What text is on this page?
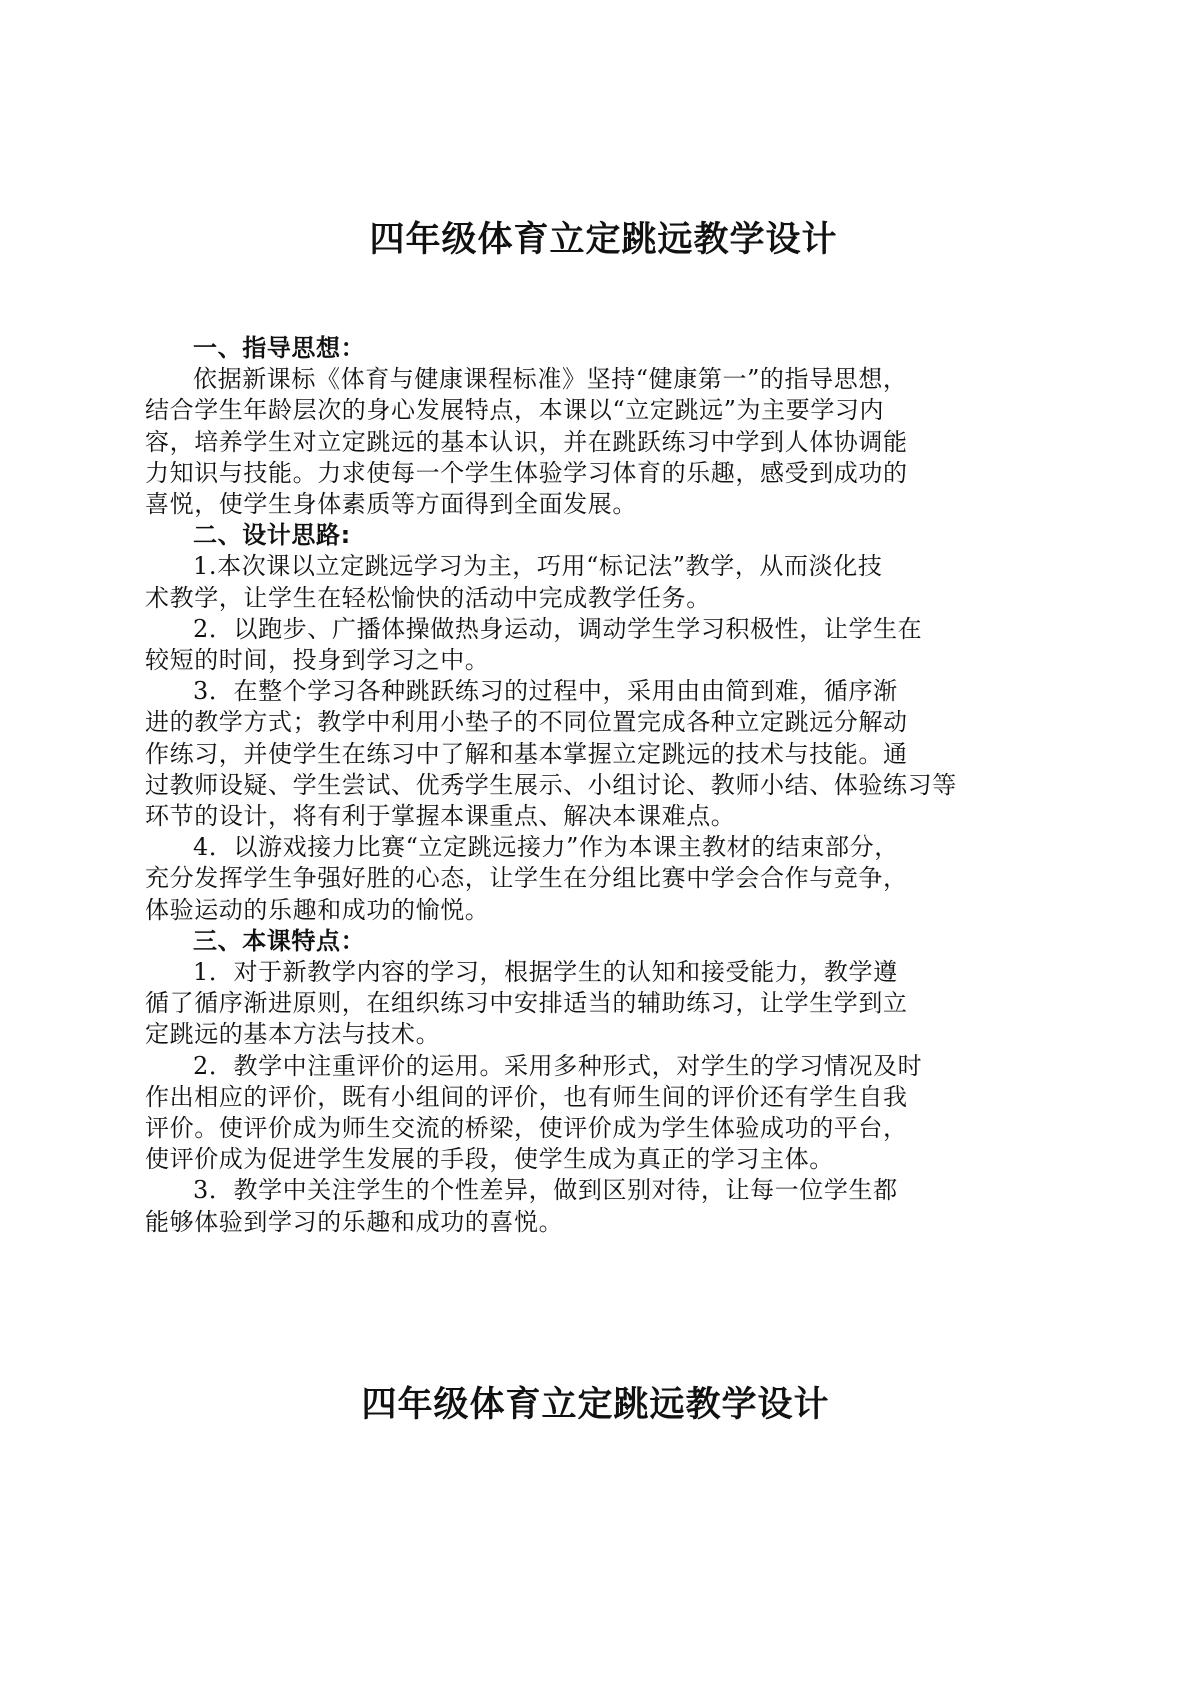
四年级体育立定跳远教学设计

一、指导思想：

依据新课标《体育与健康课程标准》坚持“健康第一”的指导思想，
结合学生年龄层次的身心发展特点，本课以“立定跳远”为主要学习内
容，培养学生对立定跳远的基本认识，并在跳跃练习中学到人体协调能
力知识与技能。力求使每一个学生体验学习体育的乐趣，感受到成功的
喜悦，使学生身体素质等方面得到全面发展。

二、设计思路:

1.本次课以立定跳远学习为主，巧用“标记法”教学，从而淡化技
术教学，让学生在轻松愉快的活动中完成教学任务。

2．以跑步、广播体操做热身运动，调动学生学习积极性，让学生在
较短的时间，投身到学习之中。

3．在整个学习各种跳跃练习的过程中，采用由由简到难，循序渐
进的教学方式；教学中利用小垫子的不同位置完成各种立定跳远分解动
作练习，并使学生在练习中了解和基本掌握立定跳远的技术与技能。通
过教师设疑、学生尝试、优秀学生展示、小组讨论、教师小结、体验练习等
环节的设计，将有利于掌握本课重点、解决本课难点。

4．以游戏接力比赛“立定跳远接力”作为本课主教材的结束部分，
充分发挥学生争强好胜的心态，让学生在分组比赛中学会合作与竞争，
体验运动的乐趣和成功的愉悦。

三、本课特点：

1．对于新教学内容的学习，根据学生的认知和接受能力，教学遵
循了循序渐进原则，在组织练习中安排适当的辅助练习，让学生学到立
定跳远的基本方法与技术。

2．教学中注重评价的运用。采用多种形式，对学生的学习情况及时
作出相应的评价，既有小组间的评价，也有师生间的评价还有学生自我
评价。使评价成为师生交流的桥梁，使评价成为学生体验成功的平台，
使评价成为促进学生发展的手段，使学生成为真正的学习主体。

3．教学中关注学生的个性差异，做到区别对待，让每一位学生都
能够体验到学习的乐趣和成功的喜悦。

四年级体育立定跳远教学设计
